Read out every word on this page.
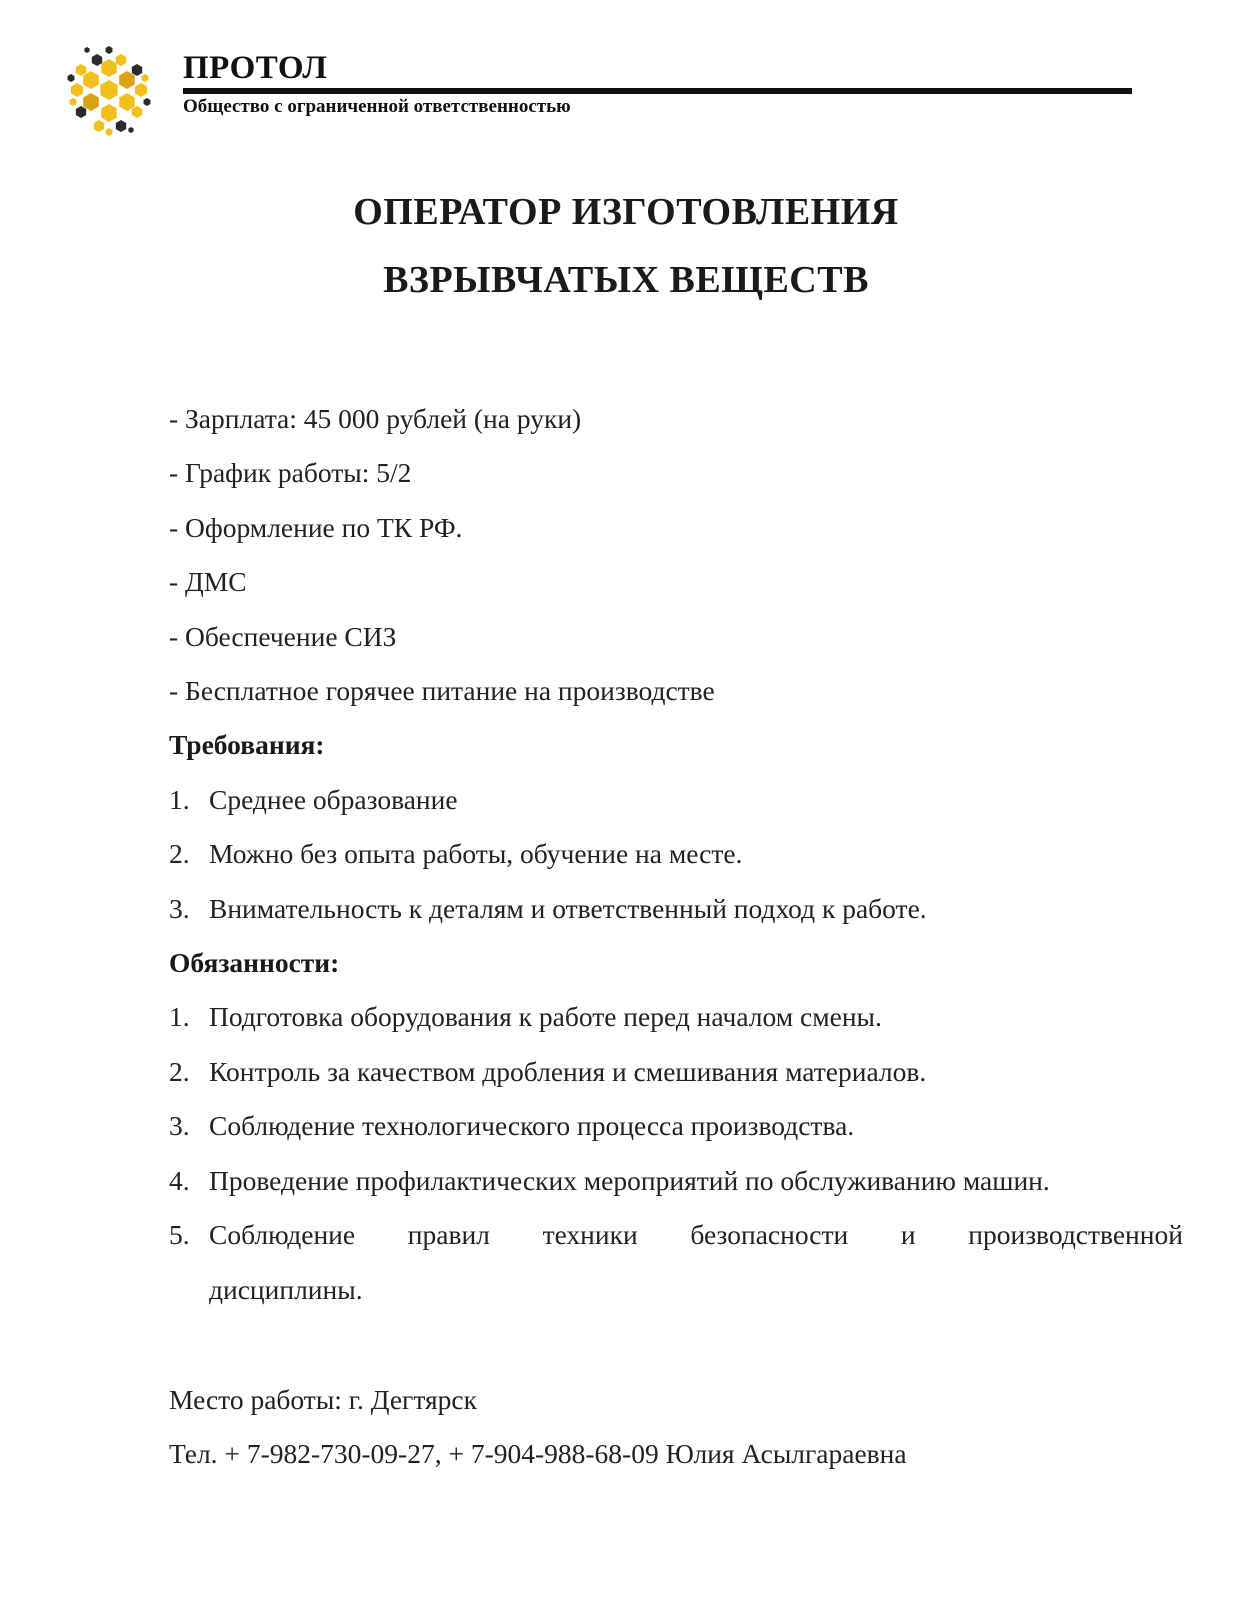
ПРОТОЛ
Общество с ограниченной ответственностью
ОПЕРАТОР ИЗГОТОВЛЕНИЯ
ВЗРЫВЧАТЫХ ВЕЩЕСТВ
- Зарплата: 45 000 рублей (на руки)
- График работы: 5/2
- Оформление по ТК РФ.
- ДМС
- Обеспечение СИЗ
- Бесплатное горячее питание на производстве
Требования:
1. Среднее образование
2. Можно без опыта работы, обучение на месте.
3. Внимательность к деталям и ответственный подход к работе.
Обязанности:
1. Подготовка оборудования к работе перед началом смены.
2. Контроль за качеством дробления и смешивания материалов.
3. Соблюдение технологического процесса производства.
4. Проведение профилактических мероприятий по обслуживанию машин.
5. Соблюдение правил техники безопасности и производственной
дисциплины.
Место работы: г. Дегтярск
Тел. + 7-982-730-09-27, + 7-904-988-68-09 Юлия Асылгараевна
